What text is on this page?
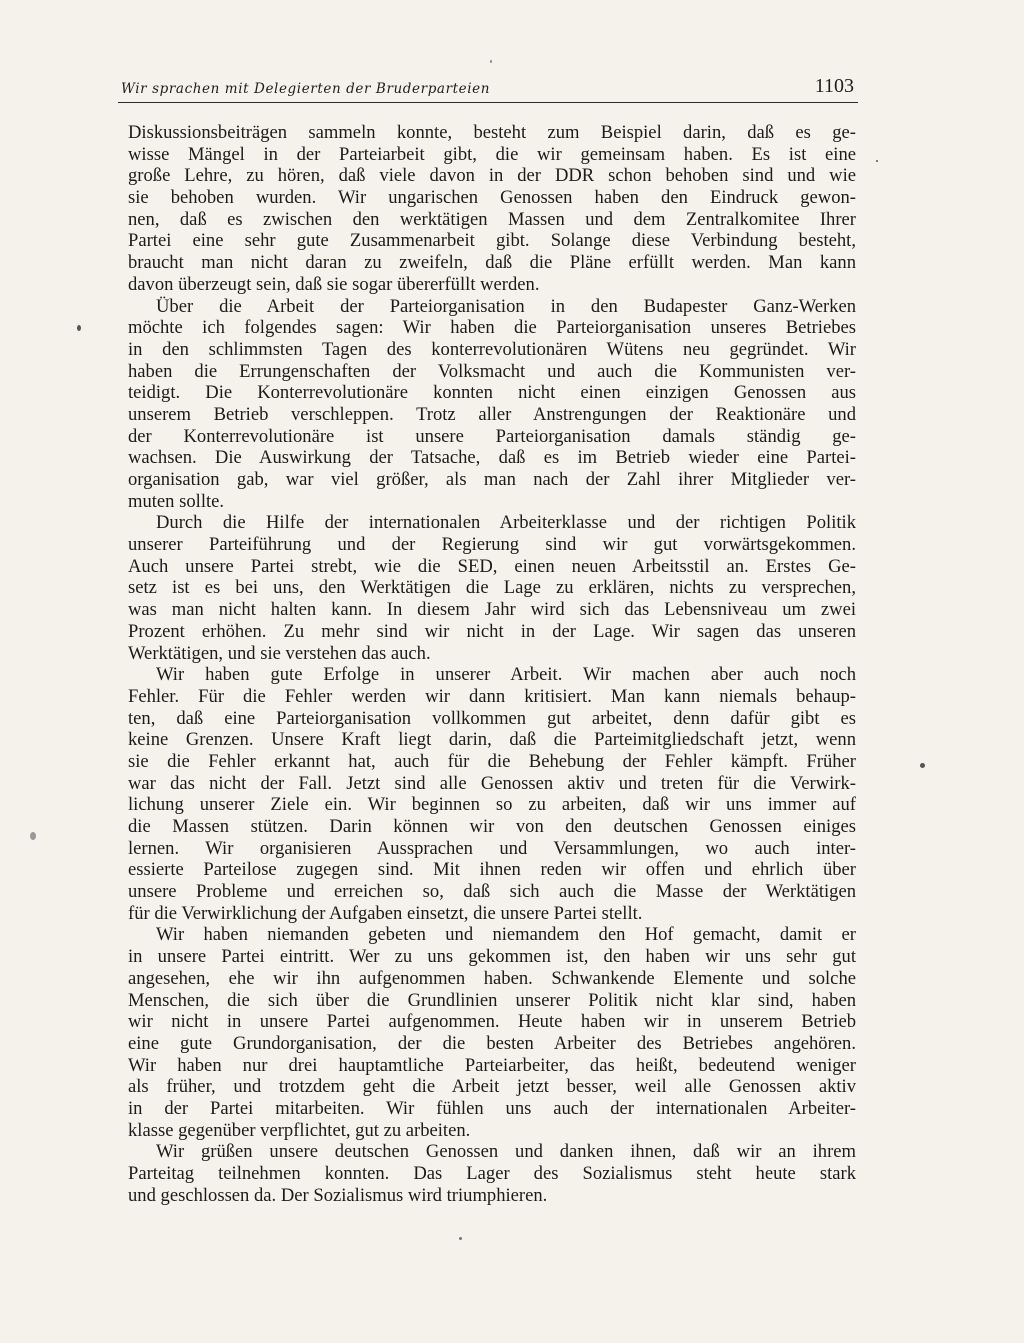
Wir sprachen mit Delegierten der Bruderparteien	1103
Diskussionsbeiträgen sammeln konnte, besteht zum Beispiel darin, daß es ge-
wisse Mängel in der Parteiarbeit gibt, die wir gemeinsam haben. Es ist eine
große Lehre, zu hören, daß viele davon in der DDR schon behoben sind und wie
sie behoben wurden. Wir ungarischen Genossen haben den Eindruck gewon-
nen, daß es zwischen den werktätigen Massen und dem Zentralkomitee Ihrer
Partei eine sehr gute Zusammenarbeit gibt. Solange diese Verbindung besteht,
braucht man nicht daran zu zweifeln, daß die Pläne erfüllt werden. Man kann
davon überzeugt sein, daß sie sogar übererfüllt werden.
Über die Arbeit der Parteiorganisation in den Budapester Ganz-Werken
möchte ich folgendes sagen: Wir haben die Parteiorganisation unseres Betriebes
in den schlimmsten Tagen des konterrevolutionären Wütens neu gegründet. Wir
haben die Errungenschaften der Volksmacht und auch die Kommunisten ver-
teidigt. Die Konterrevolutionäre konnten nicht einen einzigen Genossen aus
unserem Betrieb verschleppen. Trotz aller Anstrengungen der Reaktionäre und
der Konterrevolutionäre ist unsere Parteiorganisation damals ständig ge-
wachsen. Die Auswirkung der Tatsache, daß es im Betrieb wieder eine Partei-
organisation gab, war viel größer, als man nach der Zahl ihrer Mitglieder ver-
muten sollte.
Durch die Hilfe der internationalen Arbeiterklasse und der richtigen Politik
unserer Parteiführung und der Regierung sind wir gut vorwärtsgekommen.
Auch unsere Partei strebt, wie die SED, einen neuen Arbeitsstil an. Erstes Ge-
setz ist es bei uns, den Werktätigen die Lage zu erklären, nichts zu versprechen,
was man nicht halten kann. In diesem Jahr wird sich das Lebensniveau um zwei
Prozent erhöhen. Zu mehr sind wir nicht in der Lage. Wir sagen das unseren
Werktätigen, und sie verstehen das auch.
Wir haben gute Erfolge in unserer Arbeit. Wir machen aber auch noch
Fehler. Für die Fehler werden wir dann kritisiert. Man kann niemals behaup-
ten, daß eine Parteiorganisation vollkommen gut arbeitet, denn dafür gibt es
keine Grenzen. Unsere Kraft liegt darin, daß die Parteimitgliedschaft jetzt, wenn
sie die Fehler erkannt hat, auch für die Behebung der Fehler kämpft. Früher
war das nicht der Fall. Jetzt sind alle Genossen aktiv und treten für die Verwirk-
lichung unserer Ziele ein. Wir beginnen so zu arbeiten, daß wir uns immer auf
die Massen stützen. Darin können wir von den deutschen Genossen einiges
lernen. Wir organisieren Aussprachen und Versammlungen, wo auch inter-
essierte Parteilose zugegen sind. Mit ihnen reden wir offen und ehrlich über
unsere Probleme und erreichen so, daß sich auch die Masse der Werktätigen
für die Verwirklichung der Aufgaben einsetzt, die unsere Partei stellt.
Wir haben niemanden gebeten und niemandem den Hof gemacht, damit er
in unsere Partei eintritt. Wer zu uns gekommen ist, den haben wir uns sehr gut
angesehen, ehe wir ihn aufgenommen haben. Schwankende Elemente und solche
Menschen, die sich über die Grundlinien unserer Politik nicht klar sind, haben
wir nicht in unsere Partei aufgenommen. Heute haben wir in unserem Betrieb
eine gute Grundorganisation, der die besten Arbeiter des Betriebes angehören.
Wir haben nur drei hauptamtliche Parteiarbeiter, das heißt, bedeutend weniger
als früher, und trotzdem geht die Arbeit jetzt besser, weil alle Genossen aktiv
in der Partei mitarbeiten. Wir fühlen uns auch der internationalen Arbeiter-
klasse gegenüber verpflichtet, gut zu arbeiten.
Wir grüßen unsere deutschen Genossen und danken ihnen, daß wir an ihrem
Parteitag teilnehmen konnten. Das Lager des Sozialismus steht heute stark
und geschlossen da. Der Sozialismus wird triumphieren.
